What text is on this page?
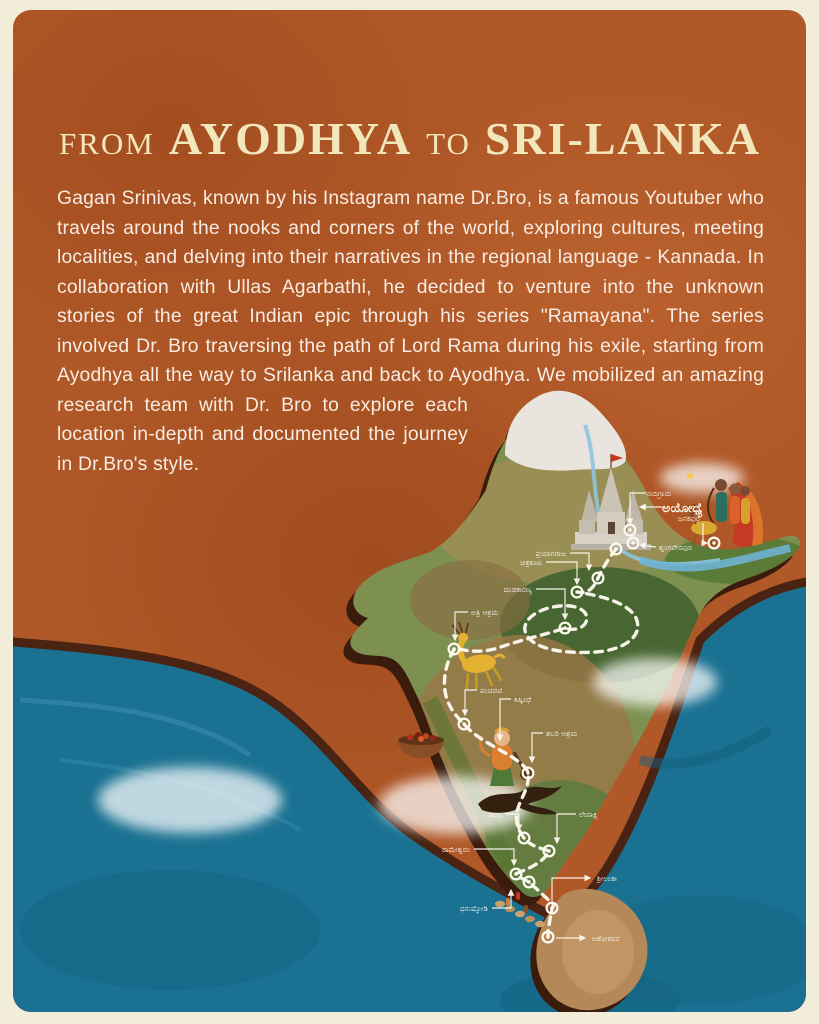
ನಂದಿಗ್ರಾಮ
ಅಯೋಧ್ಯೆ
ಜನಕಪುರ
ಶೃಂಗವೇರಪುರ
ಪ್ರಯಾಗರಾಜ
ಚಿತ್ರಕೂಟ
ದಂಡಕಾರಣ್ಯ
ಅತ್ರಿ ಆಶ್ರಮ
ಪಂಚವಟಿ
ಕಿಷ್ಕಿಂಧೆ
ಶಬರಿ ಆಶ್ರಮ
ಹಂಪಿ	ಲೇಪಾಕ್ಷಿ
ರಾಮೇಶ್ವರಂ
ಧನುಷ್ಕೋಡಿ
ಶ್ರೀಲಂಕಾ
ಅಶೋಕವನ
FROM AYODHYA TO SRI-LANKA
Gagan Srinivas, known by his Instagram name Dr.Bro, is a famous Youtuber who travels around the nooks and corners of the world, exploring cultures, meeting localities, and delving into their narratives in the regional language - Kannada. In collaboration with Ullas Agarbathi, he decided to venture into the unknown stories of the great Indian epic through his series "Ramayana". The series involved Dr. Bro traversing the path of Lord Rama during his exile, starting from Ayodhya all the way to Srilanka and back to Ayodhya. We mobilized an amazing research team with Dr. Bro to explore each location in-depth and documented the journey in Dr.Bro's style.
